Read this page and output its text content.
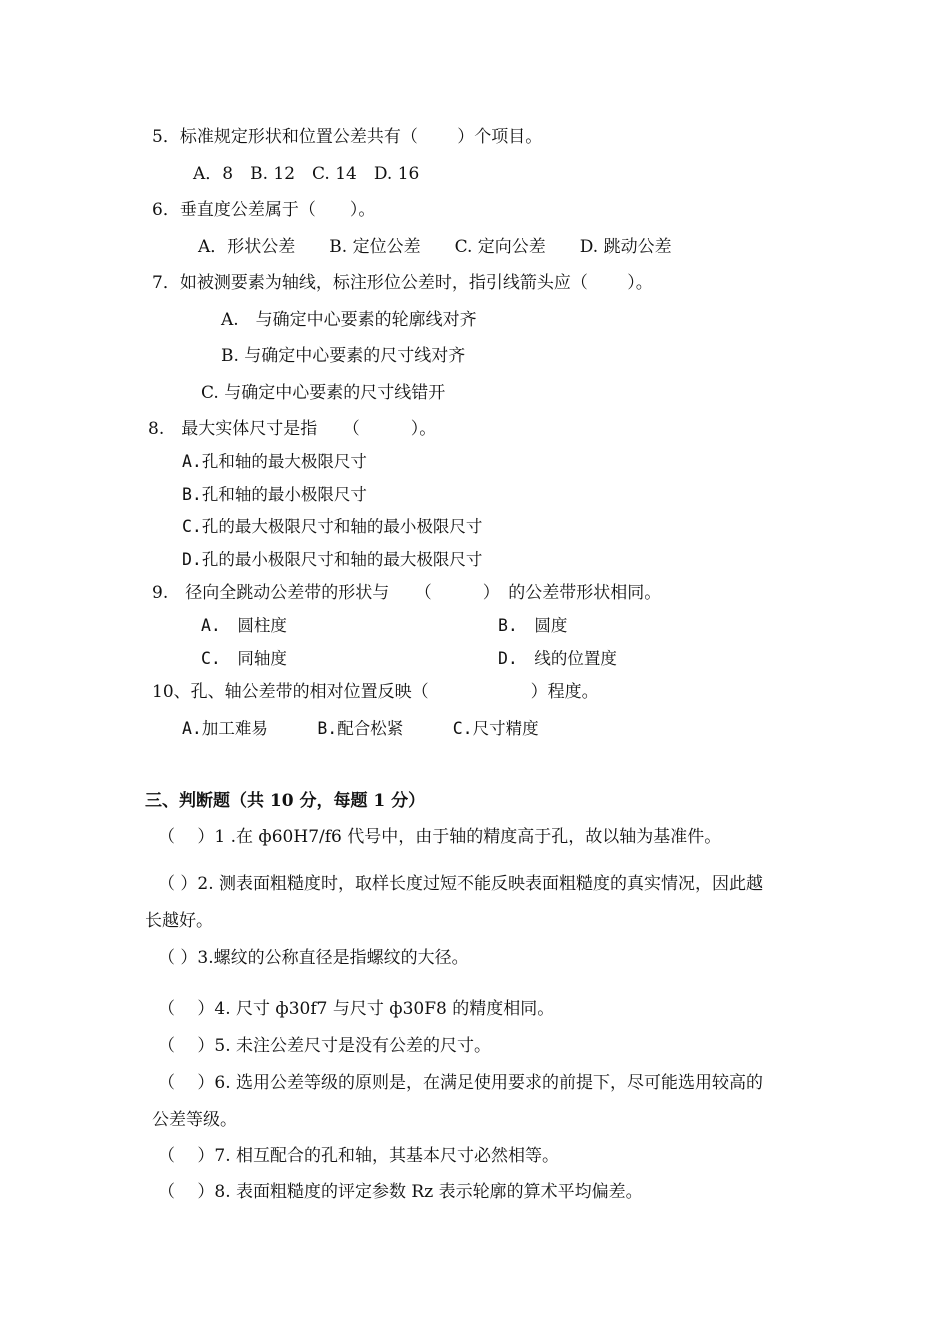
5．标准规定形状和位置公差共有（　　 ）个项目。
A．8　B. 12　C. 14　D. 16
6．垂直度公差属于（　　）。
A．形状公差　　B. 定位公差　　C. 定向公差　　D. 跳动公差
7．如被测要素为轴线，标注形位公差时，指引线箭头应（　　 ）。
A.　与确定中心要素的轮廓线对齐
B. 与确定中心要素的尺寸线对齐
C. 与确定中心要素的尺寸线错开
8.　最大实体尺寸是指　　（　　　）。
A.孔和轴的最大极限尺寸
B.孔和轴的最小极限尺寸
C.孔的最大极限尺寸和轴的最小极限尺寸
D.孔的最小极限尺寸和轴的最大极限尺寸
9.　径向全跳动公差带的形状与　　（　　　）　的公差带形状相同。
A.　圆柱度	B.　圆度
C.　同轴度	D.　线的位置度
10、孔、轴公差带的相对位置反映（　　　　　　）程度。
A.加工难易　　　B.配合松紧　　　C.尺寸精度
三、判断题（共 10 分，每题 1 分）
（　 ）1 .在 ф60H7/f6 代号中，由于轴的精度高于孔，故以轴为基准件。
（ ）2. 测表面粗糙度时，取样长度过短不能反映表面粗糙度的真实情况，因此越
长越好。
（ ）3.螺纹的公称直径是指螺纹的大径。
（　 ）4. 尺寸 ф30f7 与尺寸 ф30F8 的精度相同。
（　 ）5. 未注公差尺寸是没有公差的尺寸。
（　 ）6. 选用公差等级的原则是，在满足使用要求的前提下，尽可能选用较高的
公差等级。
（　 ）7. 相互配合的孔和轴，其基本尺寸必然相等。
（　 ）8. 表面粗糙度的评定参数 Rz 表示轮廓的算术平均偏差。
